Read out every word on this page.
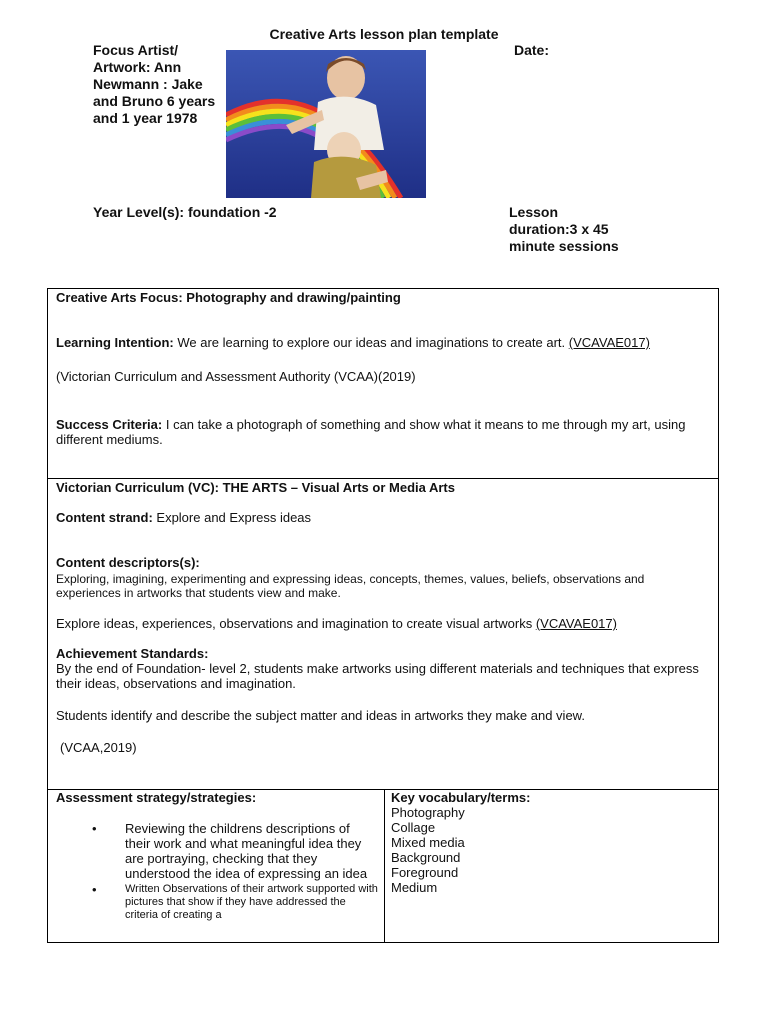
Creative Arts lesson plan template
Focus Artist/ Artwork: Ann Newmann : Jake and Bruno 6 years and 1 year 1978
Date:
Year Level(s): foundation -2	Lesson duration:3 x 45 minute sessions
Creative Arts Focus: Photography and drawing/painting
Learning Intention: We are learning to explore our ideas and imaginations to create art. (VCAVAE017)
(Victorian Curriculum and Assessment Authority (VCAA)(2019)
Success Criteria: I can take a photograph of something and show what it means to me through my art, using different mediums.
Victorian Curriculum (VC): THE ARTS – Visual Arts or Media Arts
Content strand: Explore and Express ideas
Content descriptors(s):
Exploring, imagining, experimenting and expressing ideas, concepts, themes, values, beliefs, observations and experiences in artworks that students view and make.
Explore ideas, experiences, observations and imagination to create visual artworks (VCAVAE017)
Achievement Standards:
By the end of Foundation- level 2, students make artworks using different materials and techniques that express their ideas, observations and imagination.
Students identify and describe the subject matter and ideas in artworks they make and view.
(VCAA,2019)
Assessment strategy/strategies:
• Reviewing the childrens descriptions of their work and what meaningful idea they are portraying, checking that they understood the idea of expressing an idea
• Written Observations of their artwork supported with pictures that show if they have addressed the criteria of creating a
Key vocabulary/terms:
Photography
Collage
Mixed media
Background
Foreground
Medium
